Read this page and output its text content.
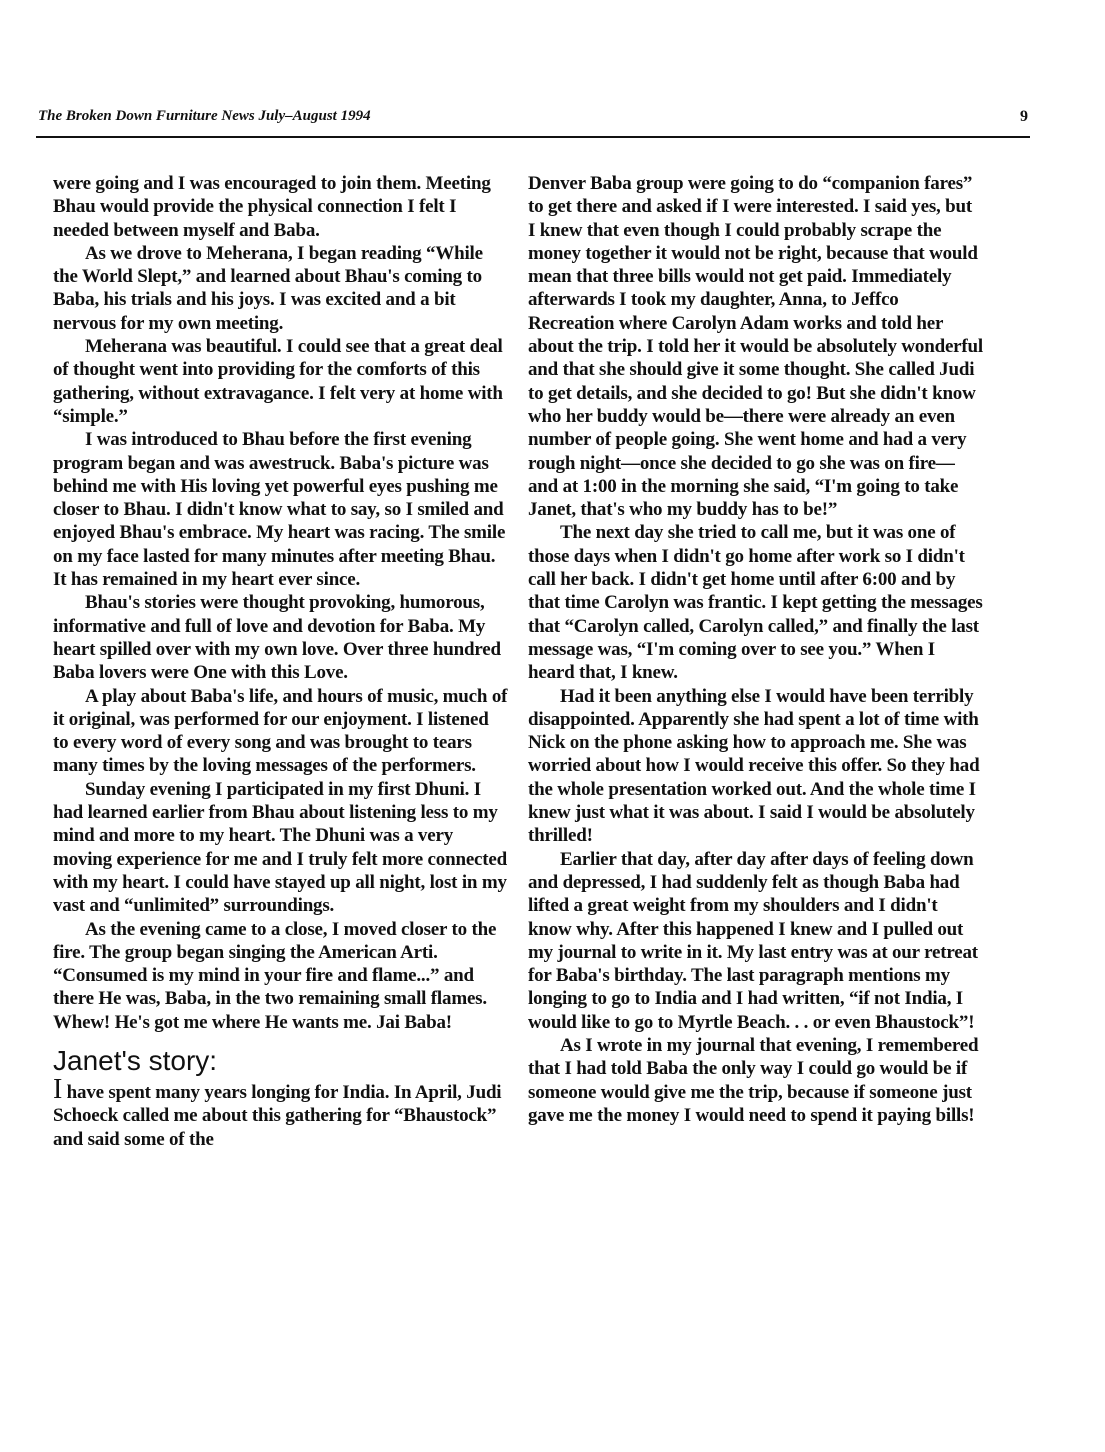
The Broken Down Furniture News July–August 1994	9

were going and I was encouraged to join them. Meeting Bhau would provide the physical connection I felt I needed between myself and Baba.

As we drove to Meherana, I began reading “While the World Slept,” and learned about Bhau's coming to Baba, his trials and his joys. I was excited and a bit nervous for my own meeting.

Meherana was beautiful. I could see that a great deal of thought went into providing for the comforts of this gathering, without extravagance. I felt very at home with “simple.”

I was introduced to Bhau before the first evening program began and was awestruck. Baba's picture was behind me with His loving yet powerful eyes pushing me closer to Bhau. I didn't know what to say, so I smiled and enjoyed Bhau's embrace. My heart was racing. The smile on my face lasted for many minutes after meeting Bhau. It has remained in my heart ever since.

Bhau's stories were thought provoking, humorous, informative and full of love and devotion for Baba. My heart spilled over with my own love. Over three hundred Baba lovers were One with this Love.

A play about Baba's life, and hours of music, much of it original, was performed for our enjoyment. I listened to every word of every song and was brought to tears many times by the loving messages of the performers.

Sunday evening I participated in my first Dhuni. I had learned earlier from Bhau about listening less to my mind and more to my heart. The Dhuni was a very moving experience for me and I truly felt more connected with my heart. I could have stayed up all night, lost in my vast and “unlimited” surroundings.

As the evening came to a close, I moved closer to the fire. The group began singing the American Arti. “Consumed is my mind in your fire and flame...” and there He was, Baba, in the two remaining small flames. Whew! He's got me where He wants me. Jai Baba!

Janet's story:

I have spent many years longing for India. In April, Judi Schoeck called me about this gathering for “Bhaustock” and said some of the

Denver Baba group were going to do “companion fares” to get there and asked if I were interested. I said yes, but I knew that even though I could probably scrape the money together it would not be right, because that would mean that three bills would not get paid. Immediately afterwards I took my daughter, Anna, to Jeffco Recreation where Carolyn Adam works and told her about the trip. I told her it would be absolutely wonderful and that she should give it some thought. She called Judi to get details, and she decided to go! But she didn't know who her buddy would be—there were already an even number of people going. She went home and had a very rough night—once she decided to go she was on fire—and at 1:00 in the morning she said, “I'm going to take Janet, that's who my buddy has to be!”

The next day she tried to call me, but it was one of those days when I didn't go home after work so I didn't call her back. I didn't get home until after 6:00 and by that time Carolyn was frantic. I kept getting the messages that “Carolyn called, Carolyn called,” and finally the last message was, “I'm coming over to see you.” When I heard that, I knew.

Had it been anything else I would have been terribly disappointed. Apparently she had spent a lot of time with Nick on the phone asking how to approach me. She was worried about how I would receive this offer. So they had the whole presentation worked out. And the whole time I knew just what it was about. I said I would be absolutely thrilled!

Earlier that day, after day after days of feeling down and depressed, I had suddenly felt as though Baba had lifted a great weight from my shoulders and I didn't know why. After this happened I knew and I pulled out my journal to write in it. My last entry was at our retreat for Baba's birthday. The last paragraph mentions my longing to go to India and I had written, “if not India, I would like to go to Myrtle Beach. . . or even Bhaustock”!

As I wrote in my journal that evening, I remembered that I had told Baba the only way I could go would be if someone would give me the trip, because if someone just gave me the money I would need to spend it paying bills!
